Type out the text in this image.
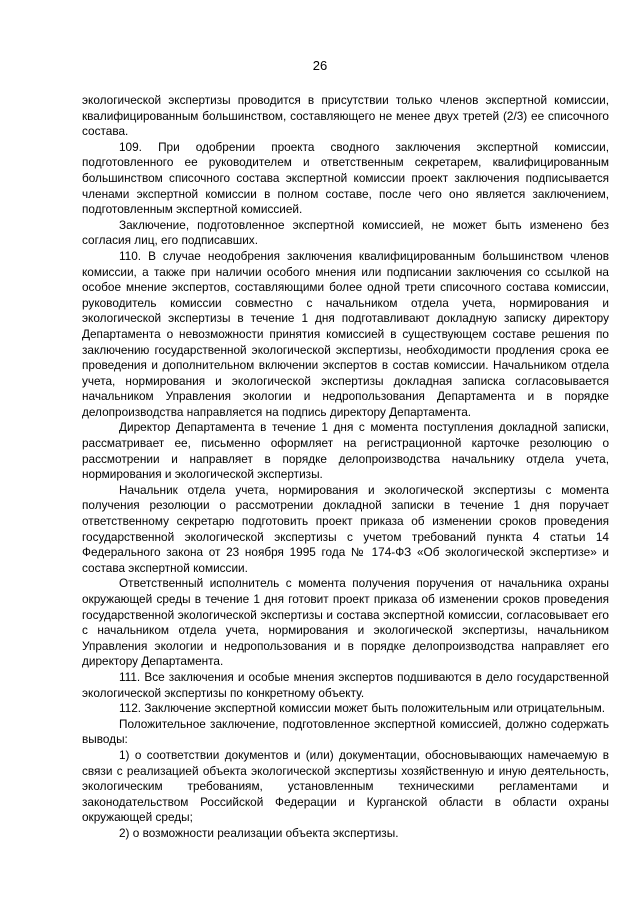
26

экологической экспертизы проводится в присутствии только членов экспертной комиссии, квалифицированным большинством, составляющего не менее двух третей (2/3) ее списочного состава.

109. При одобрении проекта сводного заключения экспертной комиссии, подготовленного ее руководителем и ответственным секретарем, квалифицированным большинством списочного состава экспертной комиссии проект заключения подписывается членами экспертной комиссии в полном составе, после чего оно является заключением, подготовленным экспертной комиссией.

Заключение, подготовленное экспертной комиссией, не может быть изменено без согласия лиц, его подписавших.

110. В случае неодобрения заключения квалифицированным большинством членов комиссии, а также при наличии особого мнения или подписании заключения со ссылкой на особое мнение экспертов, составляющими более одной трети списочного состава комиссии, руководитель комиссии совместно с начальником отдела учета, нормирования и экологической экспертизы в течение 1 дня подготавливают докладную записку директору Департамента о невозможности принятия комиссией в существующем составе решения по заключению государственной экологической экспертизы, необходимости продления срока ее проведения и дополнительном включении экспертов в состав комиссии. Начальником отдела учета, нормирования и экологической экспертизы докладная записка согласовывается начальником Управления экологии и недропользования Департамента и в порядке делопроизводства направляется на подпись директору Департамента.

Директор Департамента в течение 1 дня с момента поступления докладной записки, рассматривает ее, письменно оформляет на регистрационной карточке резолюцию о рассмотрении и направляет в порядке делопроизводства начальнику отдела учета, нормирования и экологической экспертизы.

Начальник отдела учета, нормирования и экологической экспертизы с момента получения резолюции о рассмотрении докладной записки в течение 1 дня поручает ответственному секретарю подготовить проект приказа об изменении сроков проведения государственной экологической экспертизы с учетом требований пункта 4 статьи 14 Федерального закона от 23 ноября 1995 года № 174-ФЗ «Об экологической экспертизе» и состава экспертной комиссии.

Ответственный исполнитель с момента получения поручения от начальника охраны окружающей среды в течение 1 дня готовит проект приказа об изменении сроков проведения государственной экологической экспертизы и состава экспертной комиссии, согласовывает его с начальником отдела учета, нормирования и экологической экспертизы, начальником Управления экологии и недропользования и в порядке делопроизводства направляет его директору Департамента.

111. Все заключения и особые мнения экспертов подшиваются в дело государственной экологической экспертизы по конкретному объекту.

112. Заключение экспертной комиссии может быть положительным или отрицательным.

Положительное заключение, подготовленное экспертной комиссией, должно содержать выводы:

1) о соответствии документов и (или) документации, обосновывающих намечаемую в связи с реализацией объекта экологической экспертизы хозяйственную и иную деятельность, экологическим требованиям, установленным техническими регламентами и законодательством Российской Федерации и Курганской области в области охраны окружающей среды;

2) о возможности реализации объекта экспертизы.
